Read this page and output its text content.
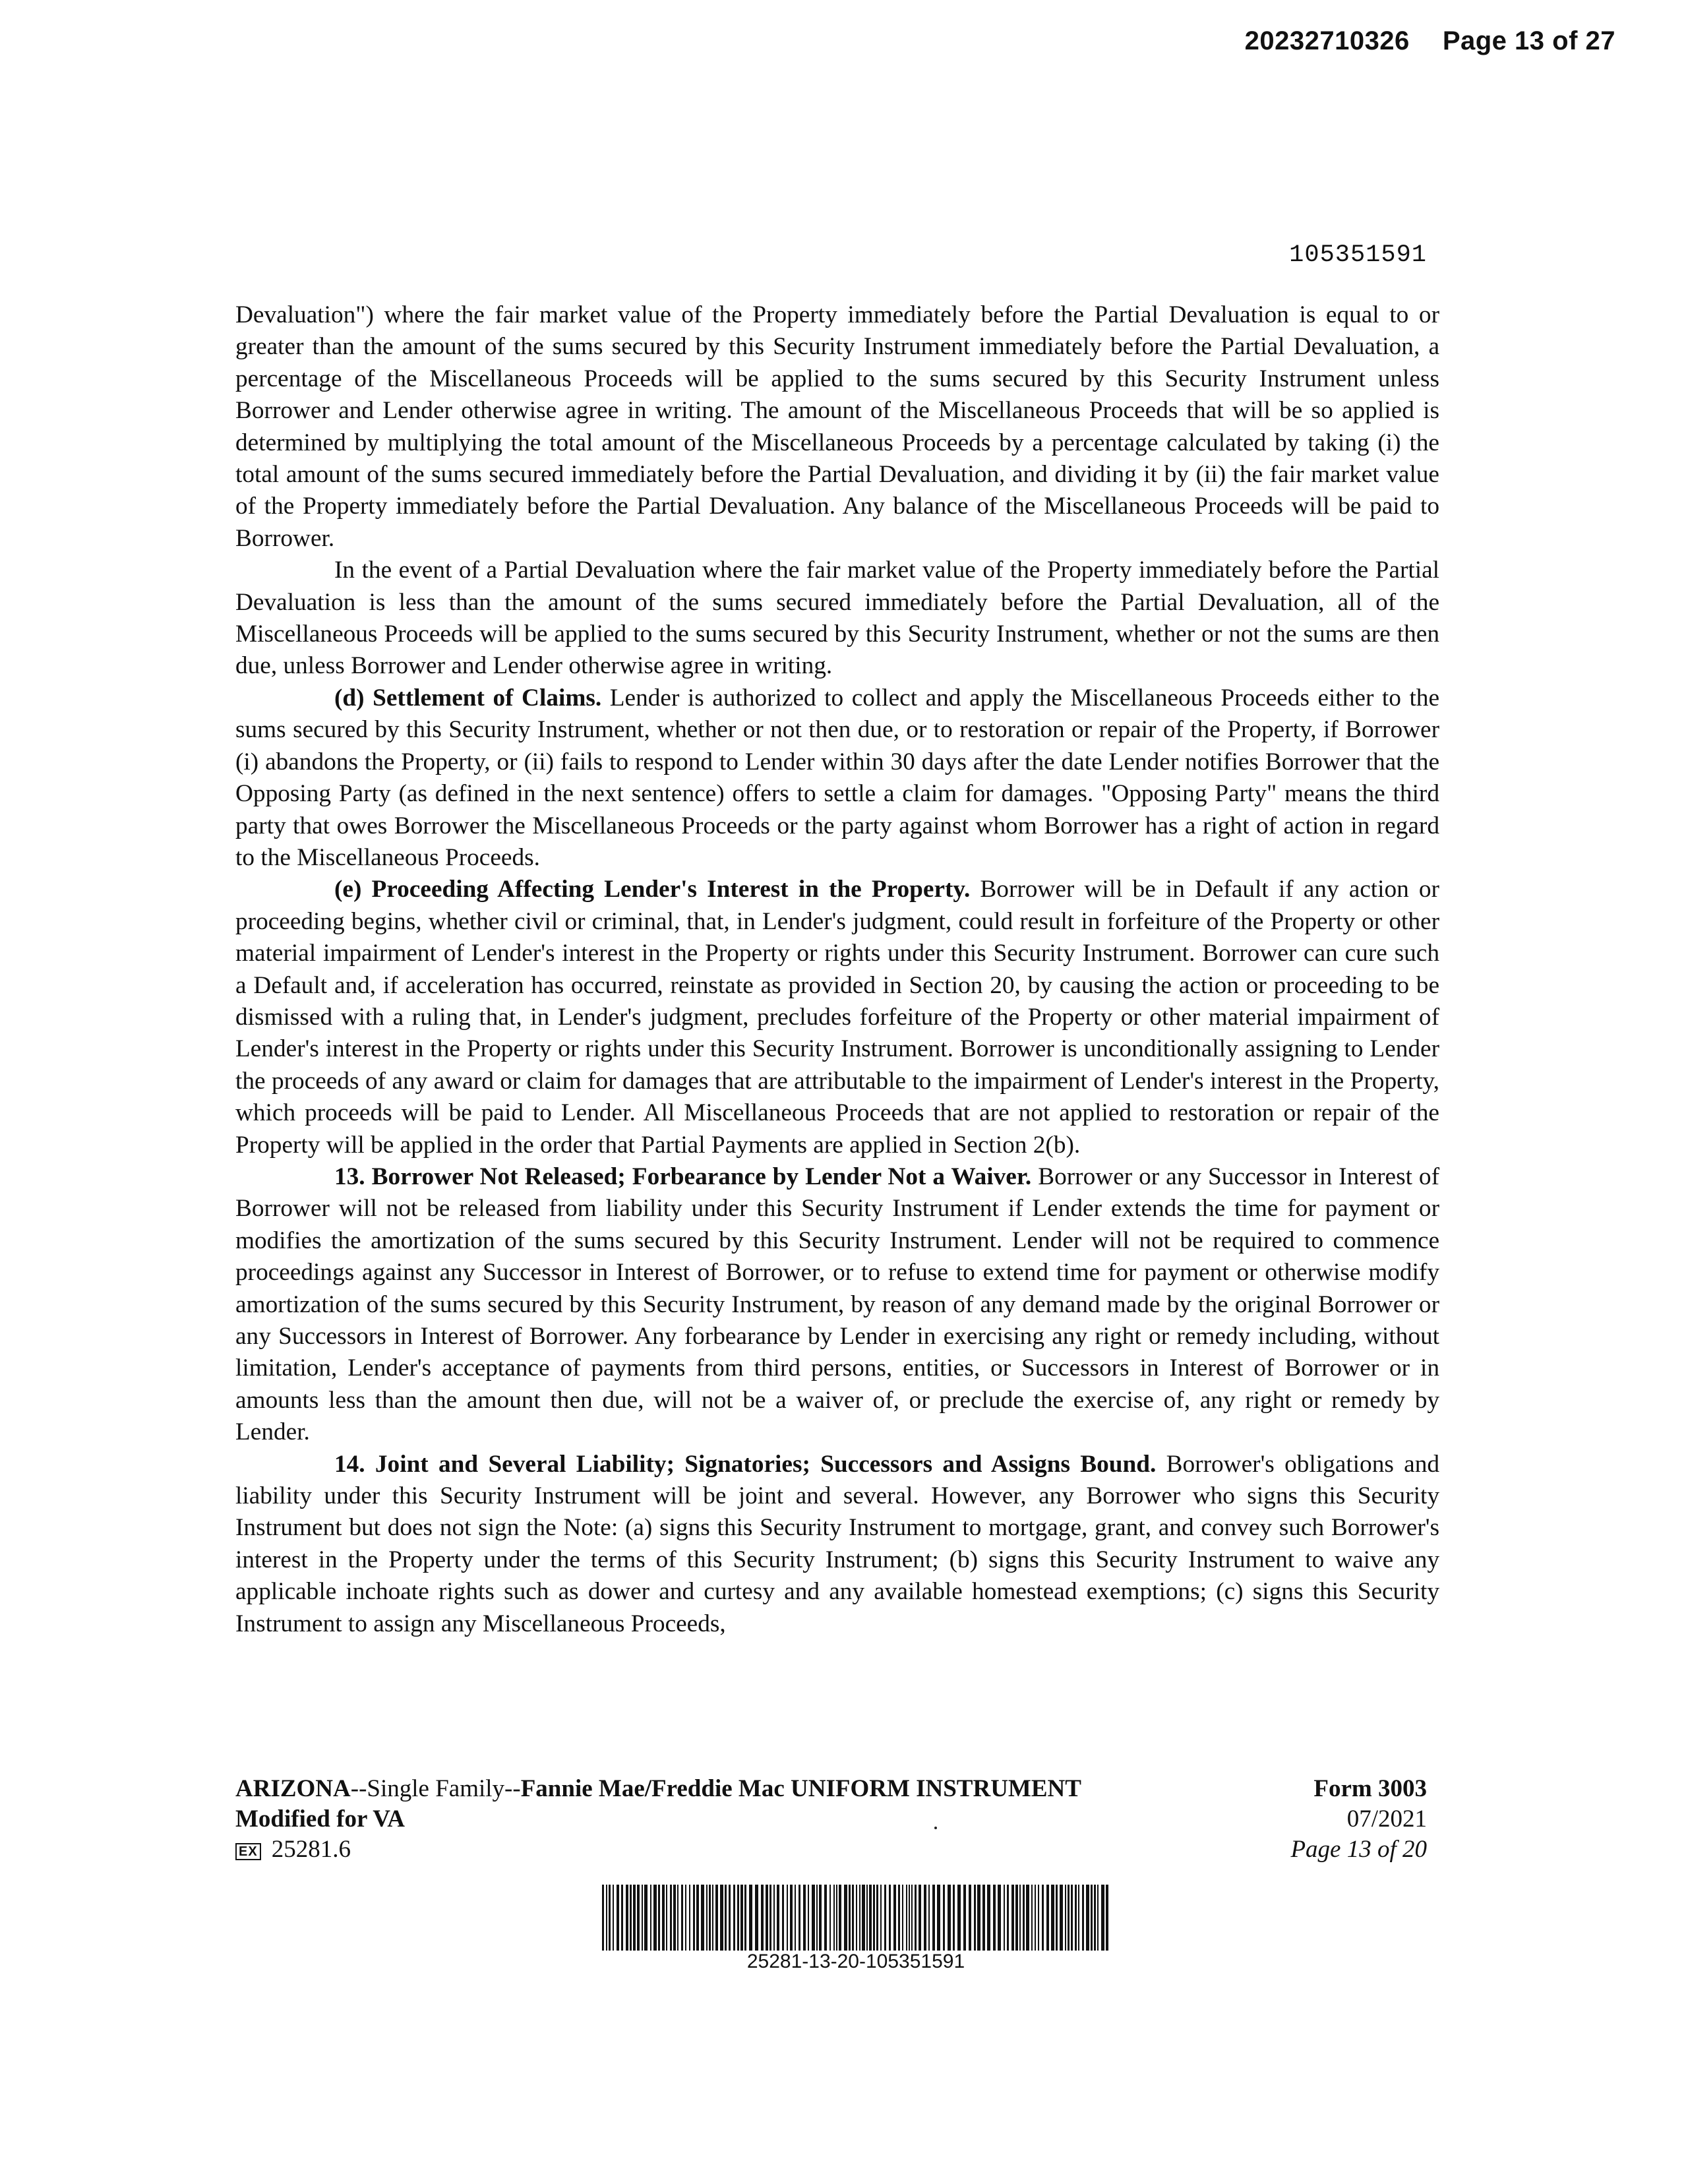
20232710326 Page 13 of 27
105351591

Devaluation") where the fair market value of the Property immediately before the Partial Devaluation is equal to or greater than the amount of the sums secured by this Security Instrument immediately before the Partial Devaluation, a percentage of the Miscellaneous Proceeds will be applied to the sums secured by this Security Instrument unless Borrower and Lender otherwise agree in writing. The amount of the Miscellaneous Proceeds that will be so applied is determined by multiplying the total amount of the Miscellaneous Proceeds by a percentage calculated by taking (i) the total amount of the sums secured immediately before the Partial Devaluation, and dividing it by (ii) the fair market value of the Property immediately before the Partial Devaluation. Any balance of the Miscellaneous Proceeds will be paid to Borrower.

In the event of a Partial Devaluation where the fair market value of the Property immediately before the Partial Devaluation is less than the amount of the sums secured immediately before the Partial Devaluation, all of the Miscellaneous Proceeds will be applied to the sums secured by this Security Instrument, whether or not the sums are then due, unless Borrower and Lender otherwise agree in writing.

(d) Settlement of Claims. Lender is authorized to collect and apply the Miscellaneous Proceeds either to the sums secured by this Security Instrument, whether or not then due, or to restoration or repair of the Property, if Borrower (i) abandons the Property, or (ii) fails to respond to Lender within 30 days after the date Lender notifies Borrower that the Opposing Party (as defined in the next sentence) offers to settle a claim for damages. "Opposing Party" means the third party that owes Borrower the Miscellaneous Proceeds or the party against whom Borrower has a right of action in regard to the Miscellaneous Proceeds.

(e) Proceeding Affecting Lender's Interest in the Property. Borrower will be in Default if any action or proceeding begins, whether civil or criminal, that, in Lender's judgment, could result in forfeiture of the Property or other material impairment of Lender's interest in the Property or rights under this Security Instrument. Borrower can cure such a Default and, if acceleration has occurred, reinstate as provided in Section 20, by causing the action or proceeding to be dismissed with a ruling that, in Lender's judgment, precludes forfeiture of the Property or other material impairment of Lender's interest in the Property or rights under this Security Instrument. Borrower is unconditionally assigning to Lender the proceeds of any award or claim for damages that are attributable to the impairment of Lender's interest in the Property, which proceeds will be paid to Lender. All Miscellaneous Proceeds that are not applied to restoration or repair of the Property will be applied in the order that Partial Payments are applied in Section 2(b).

13. Borrower Not Released; Forbearance by Lender Not a Waiver. Borrower or any Successor in Interest of Borrower will not be released from liability under this Security Instrument if Lender extends the time for payment or modifies the amortization of the sums secured by this Security Instrument. Lender will not be required to commence proceedings against any Successor in Interest of Borrower, or to refuse to extend time for payment or otherwise modify amortization of the sums secured by this Security Instrument, by reason of any demand made by the original Borrower or any Successors in Interest of Borrower. Any forbearance by Lender in exercising any right or remedy including, without limitation, Lender's acceptance of payments from third persons, entities, or Successors in Interest of Borrower or in amounts less than the amount then due, will not be a waiver of, or preclude the exercise of, any right or remedy by Lender.

14. Joint and Several Liability; Signatories; Successors and Assigns Bound. Borrower's obligations and liability under this Security Instrument will be joint and several. However, any Borrower who signs this Security Instrument but does not sign the Note: (a) signs this Security Instrument to mortgage, grant, and convey such Borrower's interest in the Property under the terms of this Security Instrument; (b) signs this Security Instrument to waive any applicable inchoate rights such as dower and curtesy and any available homestead exemptions; (c) signs this Security Instrument to assign any Miscellaneous Proceeds,

ARIZONA--Single Family--Fannie Mae/Freddie Mac UNIFORM INSTRUMENT
Modified for VA
EX 25281.6
Form 3003
07/2021
Page 13 of 20
25281-13-20-105351591
